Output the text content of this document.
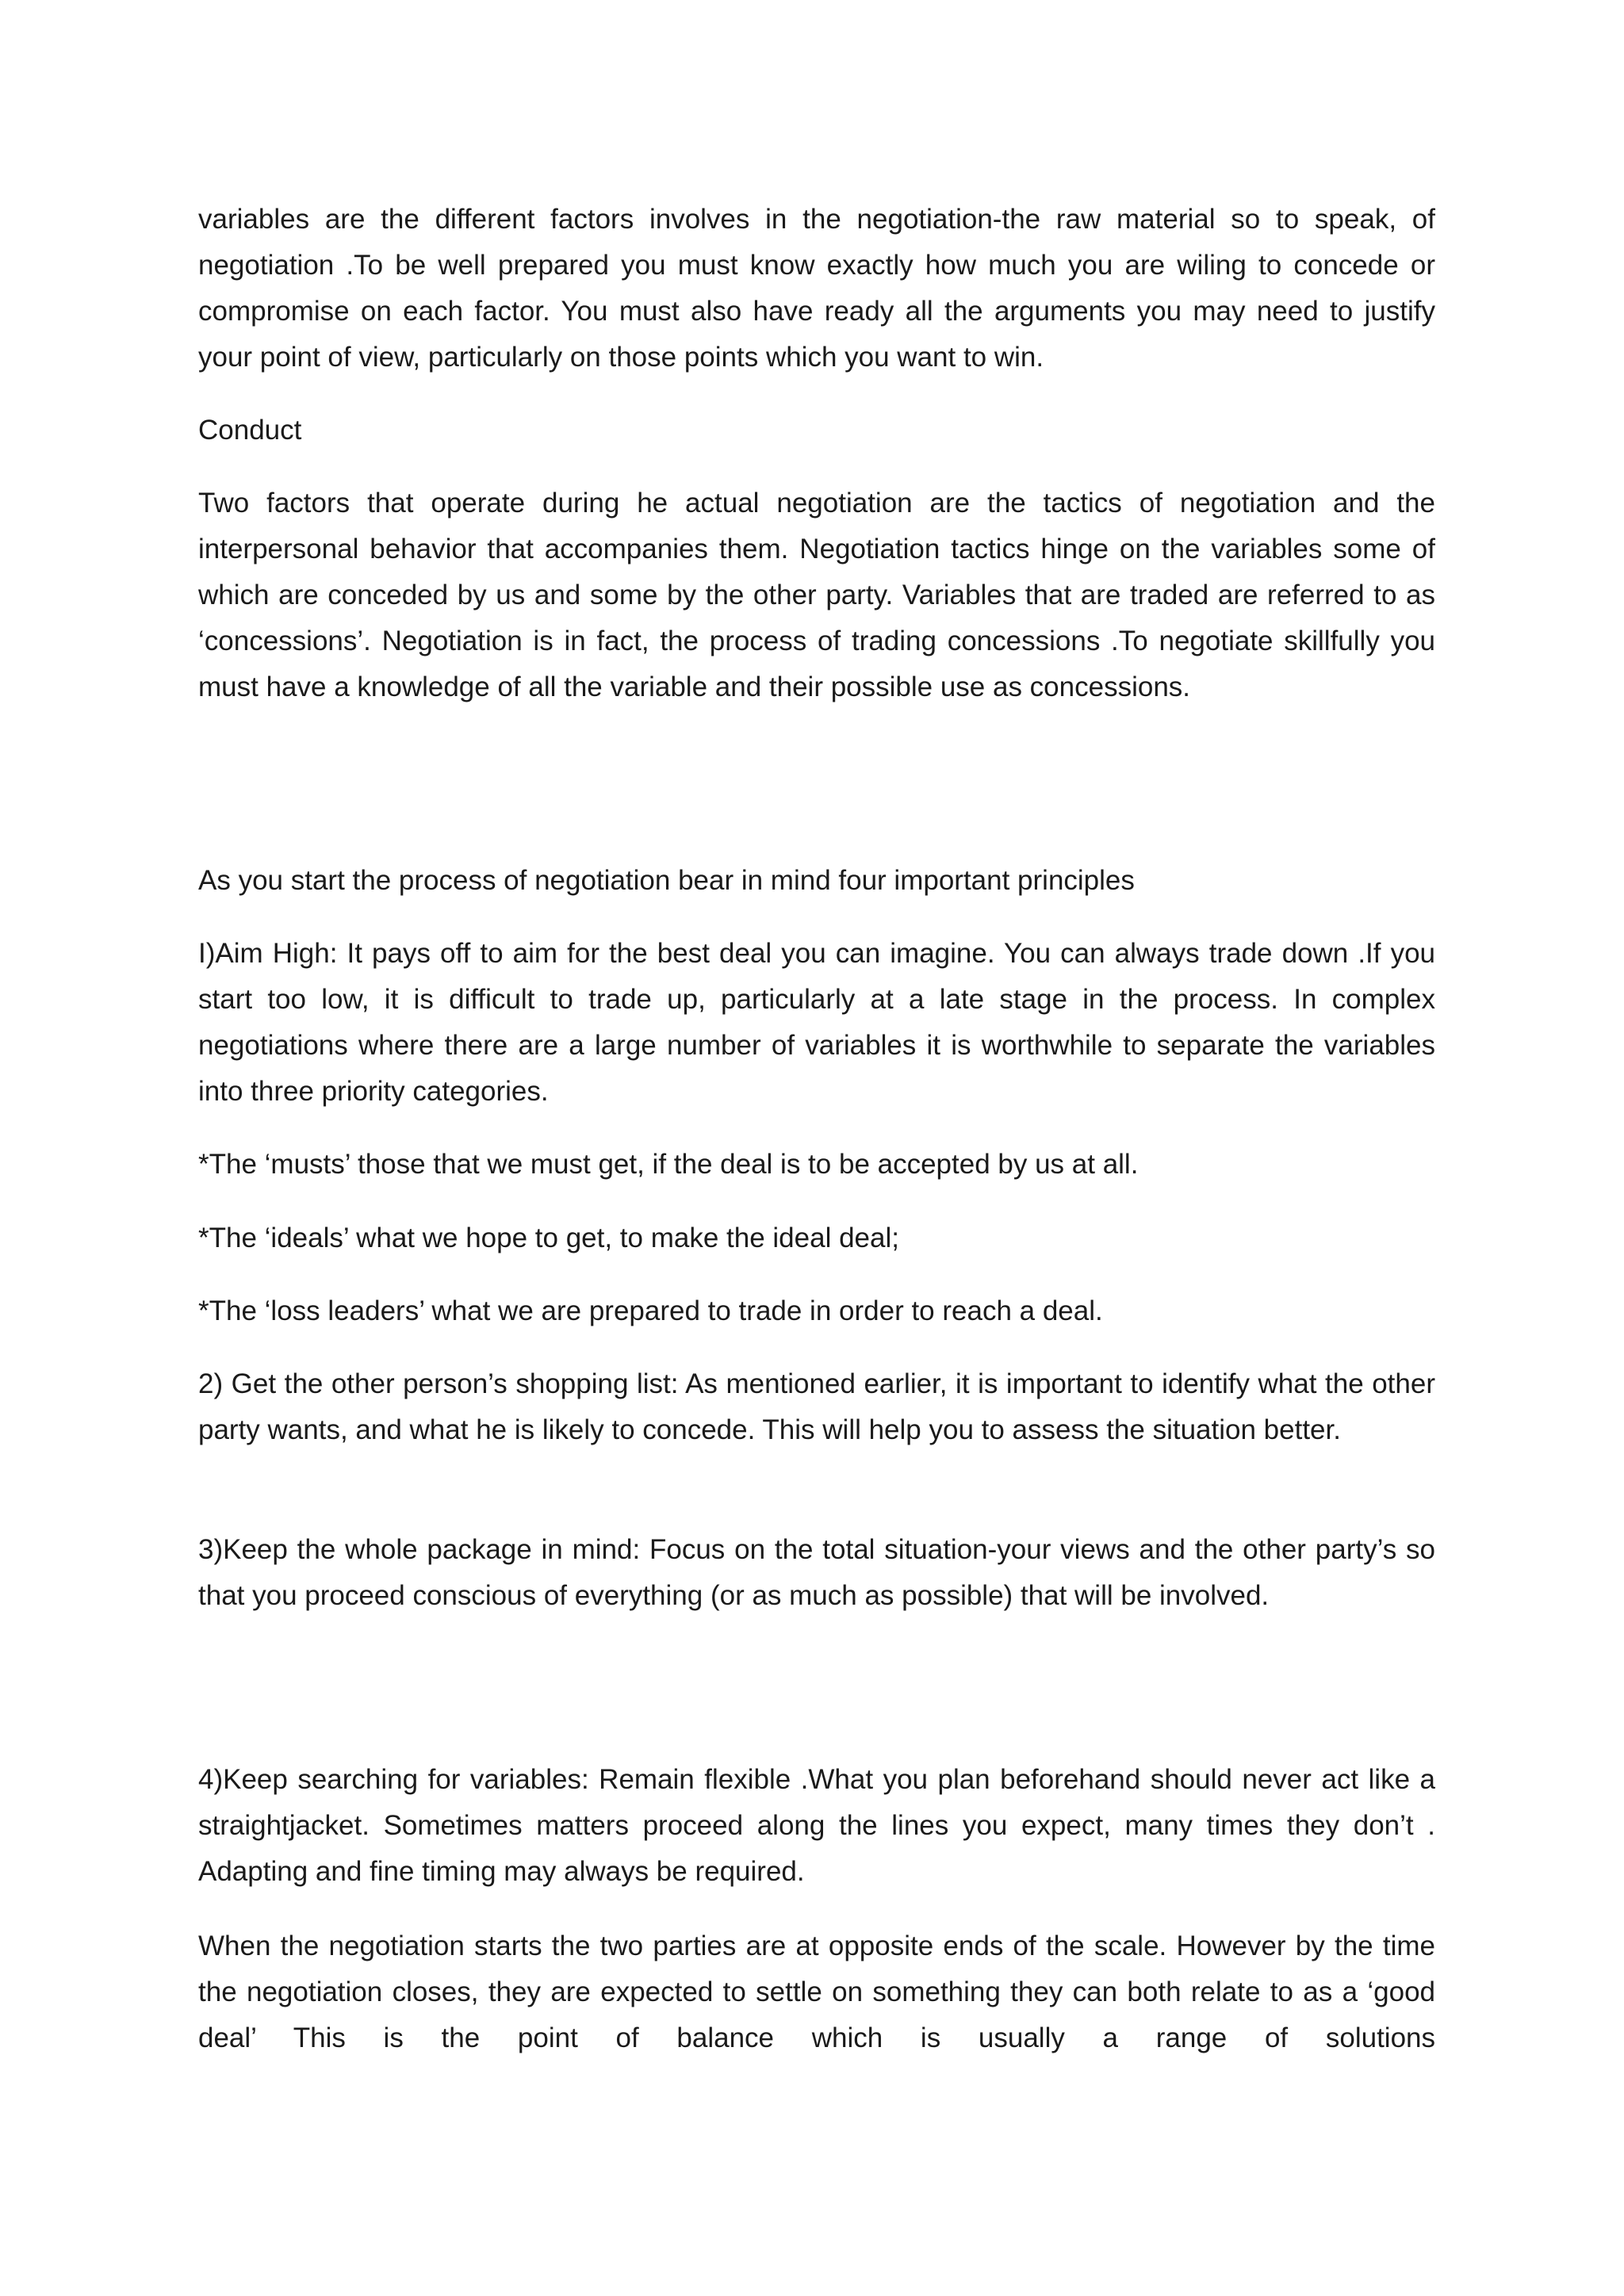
variables are the different factors involves in the negotiation-the raw material so to speak, of negotiation .To be well prepared you must know exactly how much you are wiling to concede or compromise on each factor. You must also have ready all the arguments you may need to justify your point of view, particularly on those points which you want to win.

Conduct

Two factors that operate during he actual negotiation are the tactics of negotiation and the interpersonal behavior that accompanies them. Negotiation tactics hinge on the variables some of which are conceded by us and some by the other party. Variables that are traded are referred to as ‘concessions’. Negotiation is in fact, the process of trading concessions .To negotiate skillfully you must have a knowledge of all the variable and their possible use as concessions.

As you start the process of negotiation bear in mind four important principles

I)Aim High: It pays off to aim for the best deal you can imagine. You can always trade down .If you start too low, it is difficult to trade up, particularly at a late stage in the process. In complex negotiations where there are a large number of variables it is worthwhile to separate the variables into three priority categories.

*The ‘musts’ those that we must get, if the deal is to be accepted by us at all.

*The ‘ideals’ what we hope to get, to make the ideal deal;

*The ‘loss leaders’ what we are prepared to trade in order to reach a deal.

2) Get the other person’s shopping list: As mentioned earlier, it is important to identify what the other party wants, and what he is likely to concede. This will help you to assess the situation better.

3)Keep the whole package in mind: Focus on the total situation-your views and the other party’s so that you proceed conscious of everything (or as much as possible) that will be involved.

4)Keep searching for variables: Remain flexible .What you plan beforehand should never act like a straightjacket. Sometimes matters proceed along the lines you expect, many times they don’t . Adapting and fine timing may always be required.

When the negotiation starts the two parties are at opposite ends of the scale. However by the time the negotiation closes, they are expected to settle on something they can both relate to as a ‘good deal’ This is the point of balance which is usually a range of solutions
